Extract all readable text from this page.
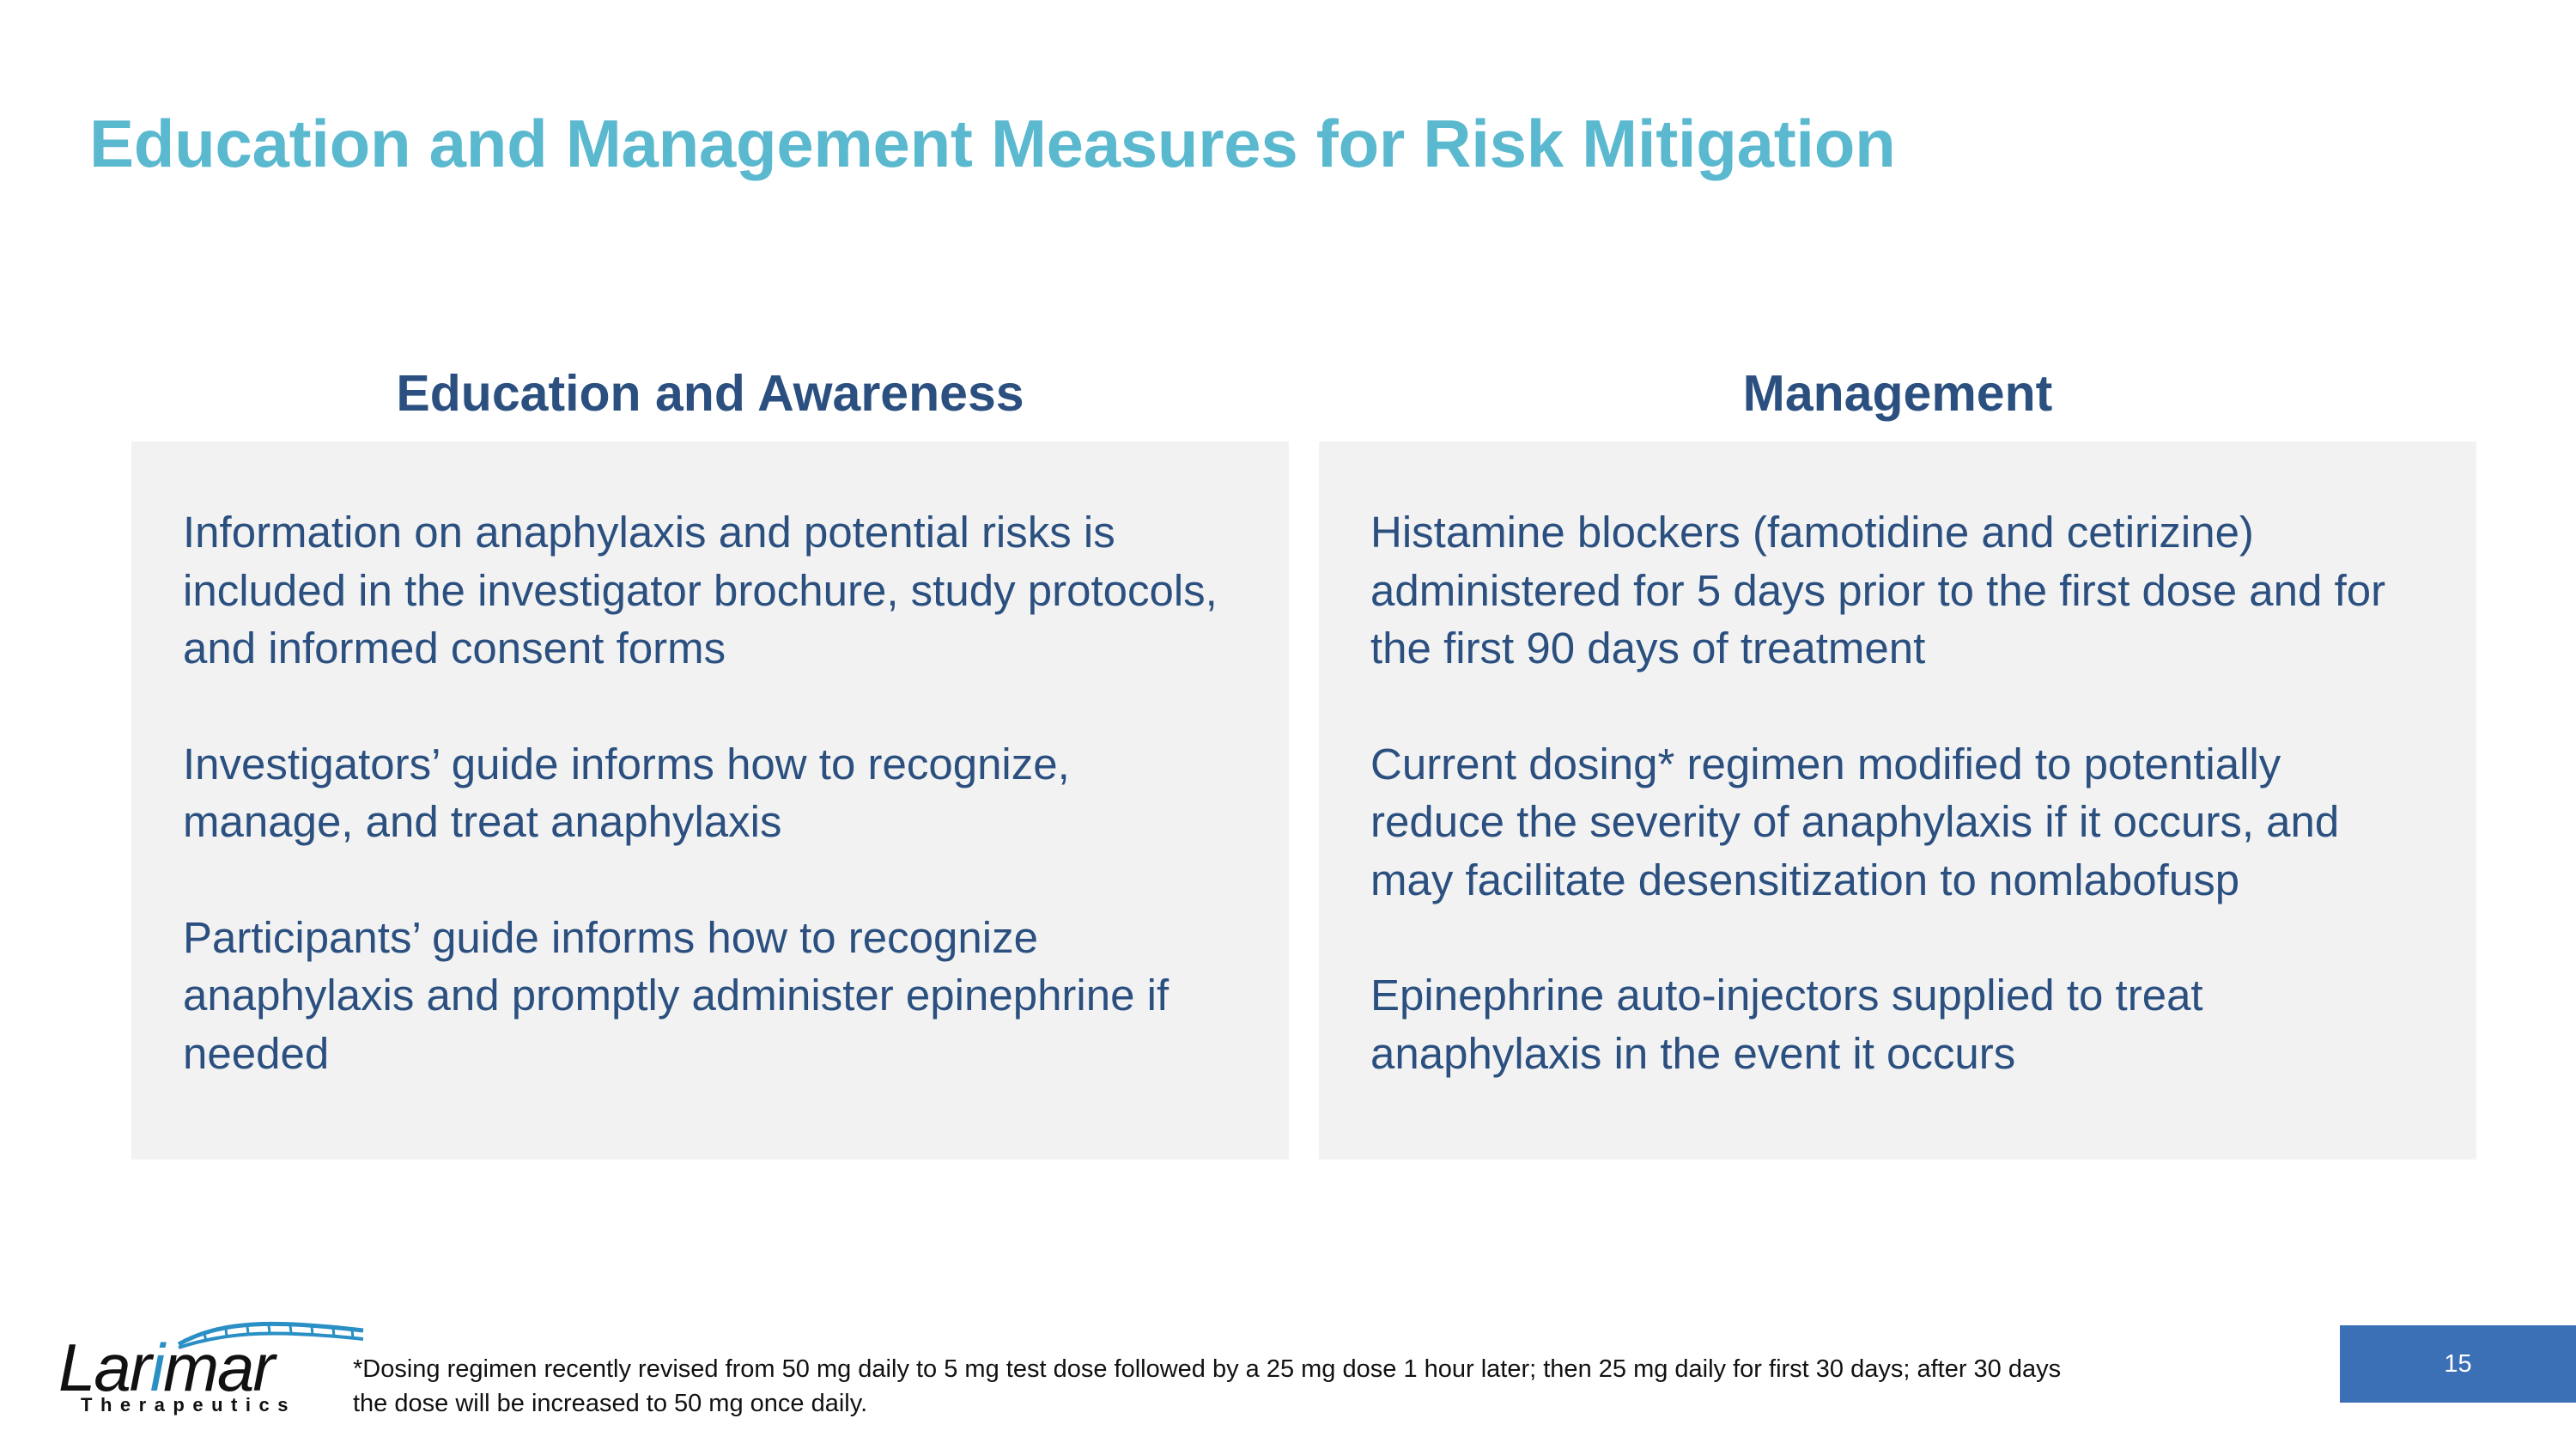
Education and Management Measures for Risk Mitigation
Education and Awareness	Management

Information on anaphylaxis and potential risks is included in the investigator brochure, study protocols, and informed consent forms

Investigators’ guide informs how to recognize, manage, and treat anaphylaxis

Participants’ guide informs how to recognize anaphylaxis and promptly administer epinephrine if needed

Histamine blockers (famotidine and cetirizine) administered for 5 days prior to the first dose and for the first 90 days of treatment

Current dosing* regimen modified to potentially reduce the severity of anaphylaxis if it occurs, and may facilitate desensitization to nomlabofusp

Epinephrine auto-injectors supplied to treat anaphylaxis in the event it occurs

Larimar
Therapeutics
*Dosing regimen recently revised from 50 mg daily to 5 mg test dose followed by a 25 mg dose 1 hour later; then 25 mg daily for first 30 days; after 30 days
the dose will be increased to 50 mg once daily.
15
